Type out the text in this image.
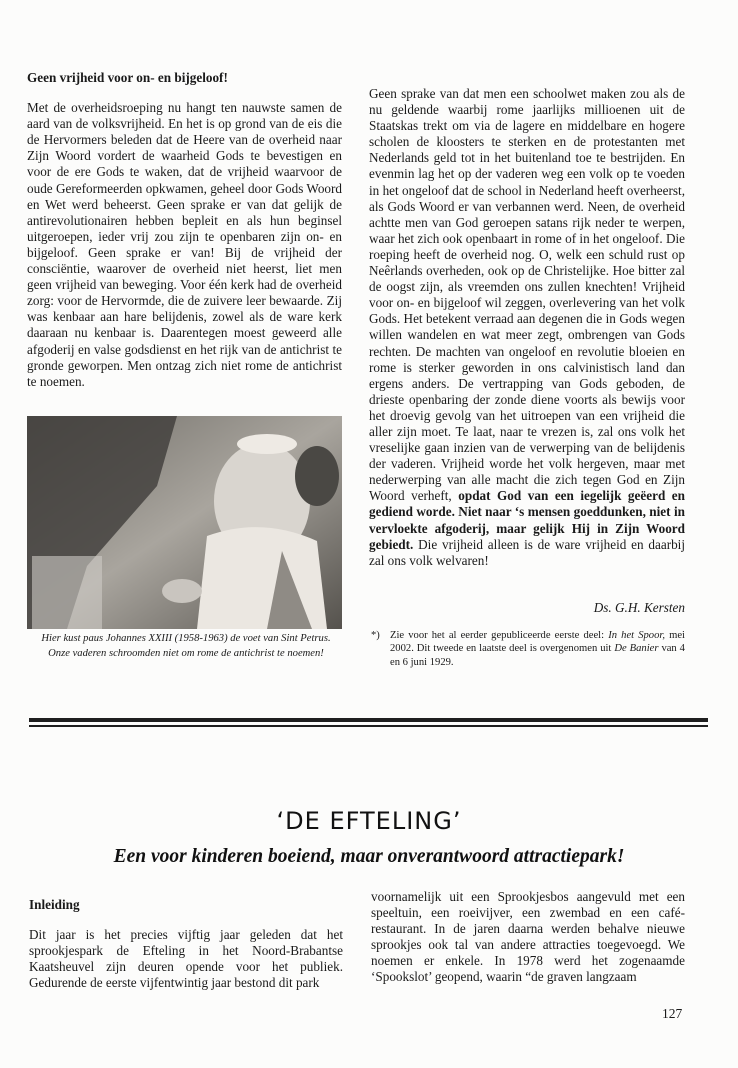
Geen vrijheid voor on- en bijgeloof!

Met de overheidsroeping nu hangt ten nauwste samen de aard van de volksvrijheid. En het is op grond van de eis die de Hervormers beleden dat de Heere van de overheid naar Zijn Woord vordert de waarheid Gods te bevestigen en voor de ere Gods te waken, dat de vrijheid waarvoor de oude Gereformeerden opkwamen, geheel door Gods Woord en Wet werd beheerst. Geen sprake er van dat gelijk de antirevolutionairen hebben bepleit en als hun beginsel uitgeroepen, ieder vrij zou zijn te openbaren zijn on- en bijgeloof. Geen sprake er van! Bij de vrijheid der consciëntie, waarover de overheid niet heerst, liet men geen vrijheid van beweging. Voor één kerk had de overheid zorg: voor de Hervormde, die de zuivere leer bewaarde. Zij was kenbaar aan hare belijdenis, zowel als de ware kerk daaraan nu kenbaar is. Daarentegen moest geweerd alle afgoderij en valse godsdienst en het rijk van de antichrist te gronde geworpen. Men ontzag zich niet rome de antichrist te noemen.

Hier kust paus Johannes XXIII (1958-1963) de voet van Sint Petrus. Onze vaderen schroomden niet om rome de antichrist te noemen!

Geen sprake van dat men een schoolwet maken zou als de nu geldende waarbij rome jaarlijks millioenen uit de Staatskas trekt om via de lagere en middelbare en hogere scholen de kloosters te sterken en de protestanten met Nederlands geld tot in het buitenland toe te bestrijden. En evenmin lag het op der vaderen weg een volk op te voeden in het ongeloof dat de school in Nederland heeft overheerst, als Gods Woord er van verbannen werd. Neen, de overheid achtte men van God geroepen satans rijk neder te werpen, waar het zich ook openbaart in rome of in het ongeloof. Die roeping heeft de overheid nog. O, welk een schuld rust op Neêrlands overheden, ook op de Christelijke. Hoe bitter zal de oogst zijn, als vreemden ons zullen knechten! Vrijheid voor on- en bijgeloof wil zeggen, overlevering van het volk Gods. Het betekent verraad aan degenen die in Gods wegen willen wandelen en wat meer zegt, ombrengen van Gods rechten. De machten van ongeloof en revolutie bloeien en rome is sterker geworden in ons calvinistisch land dan ergens anders. De vertrapping van Gods geboden, de drieste openbaring der zonde diene voorts als bewijs voor het droevig gevolg van het uitroepen van een vrijheid die aller zijn moet. Te laat, naar te vrezen is, zal ons volk het vreselijke gaan inzien van de verwerping van de belijdenis der vaderen. Vrijheid worde het volk hergeven, maar met nederwerping van alle macht die zich tegen God en Zijn Woord verheft, opdat God van een iegelijk geëerd en gediend worde. Niet naar ‘s mensen goeddunken, niet in vervloekte afgoderij, maar gelijk Hij in Zijn Woord gebiedt. Die vrijheid alleen is de ware vrijheid en daarbij zal ons volk welvaren!

Ds. G.H. Kersten
*) Zie voor het al eerder gepubliceerde eerste deel: In het Spoor, mei 2002. Dit tweede en laatste deel is overgenomen uit De Banier van 4 en 6 juni 1929.
‘DE EFTELING’
Een voor kinderen boeiend, maar onverantwoord attractiepark!
Inleiding

Dit jaar is het precies vijftig jaar geleden dat het sprookjespark de Efteling in het Noord-Brabantse Kaatsheuvel zijn deuren opende voor het publiek. Gedurende de eerste vijfentwintig jaar bestond dit park

voornamelijk uit een Sprookjesbos aangevuld met een speeltuin, een roeivijver, een zwembad en een café-restaurant. In de jaren daarna werden behalve nieuwe sprookjes ook tal van andere attracties toegevoegd. We noemen er enkele. In 1978 werd het zogenaamde ‘Spookslot’ geopend, waarin “de graven langzaam

127
